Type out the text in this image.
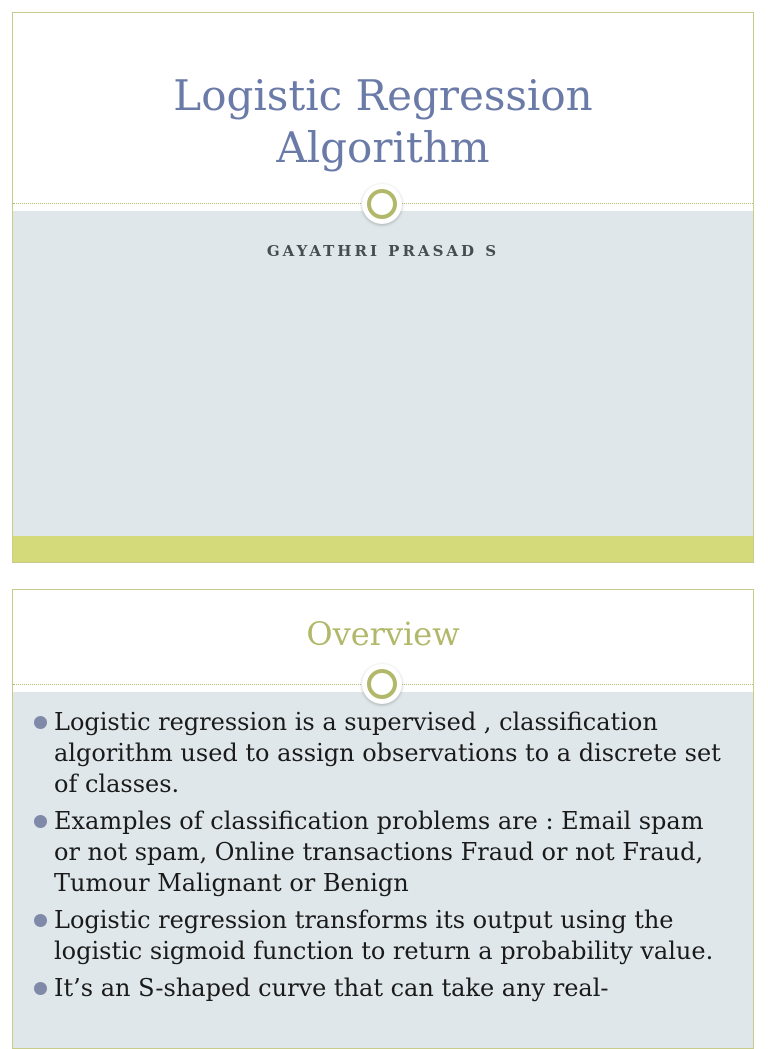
Logistic Regression
Algorithm
GAYATHRI PRASAD S
Overview
Logistic regression is a supervised , classification algorithm used to assign observations to a discrete set of classes.
Examples of classification problems are : Email spam or not spam, Online transactions Fraud or not Fraud, Tumour Malignant or Benign
Logistic regression transforms its output using the logistic sigmoid function to return a probability value.
It’s an S-shaped curve that can take any real-
